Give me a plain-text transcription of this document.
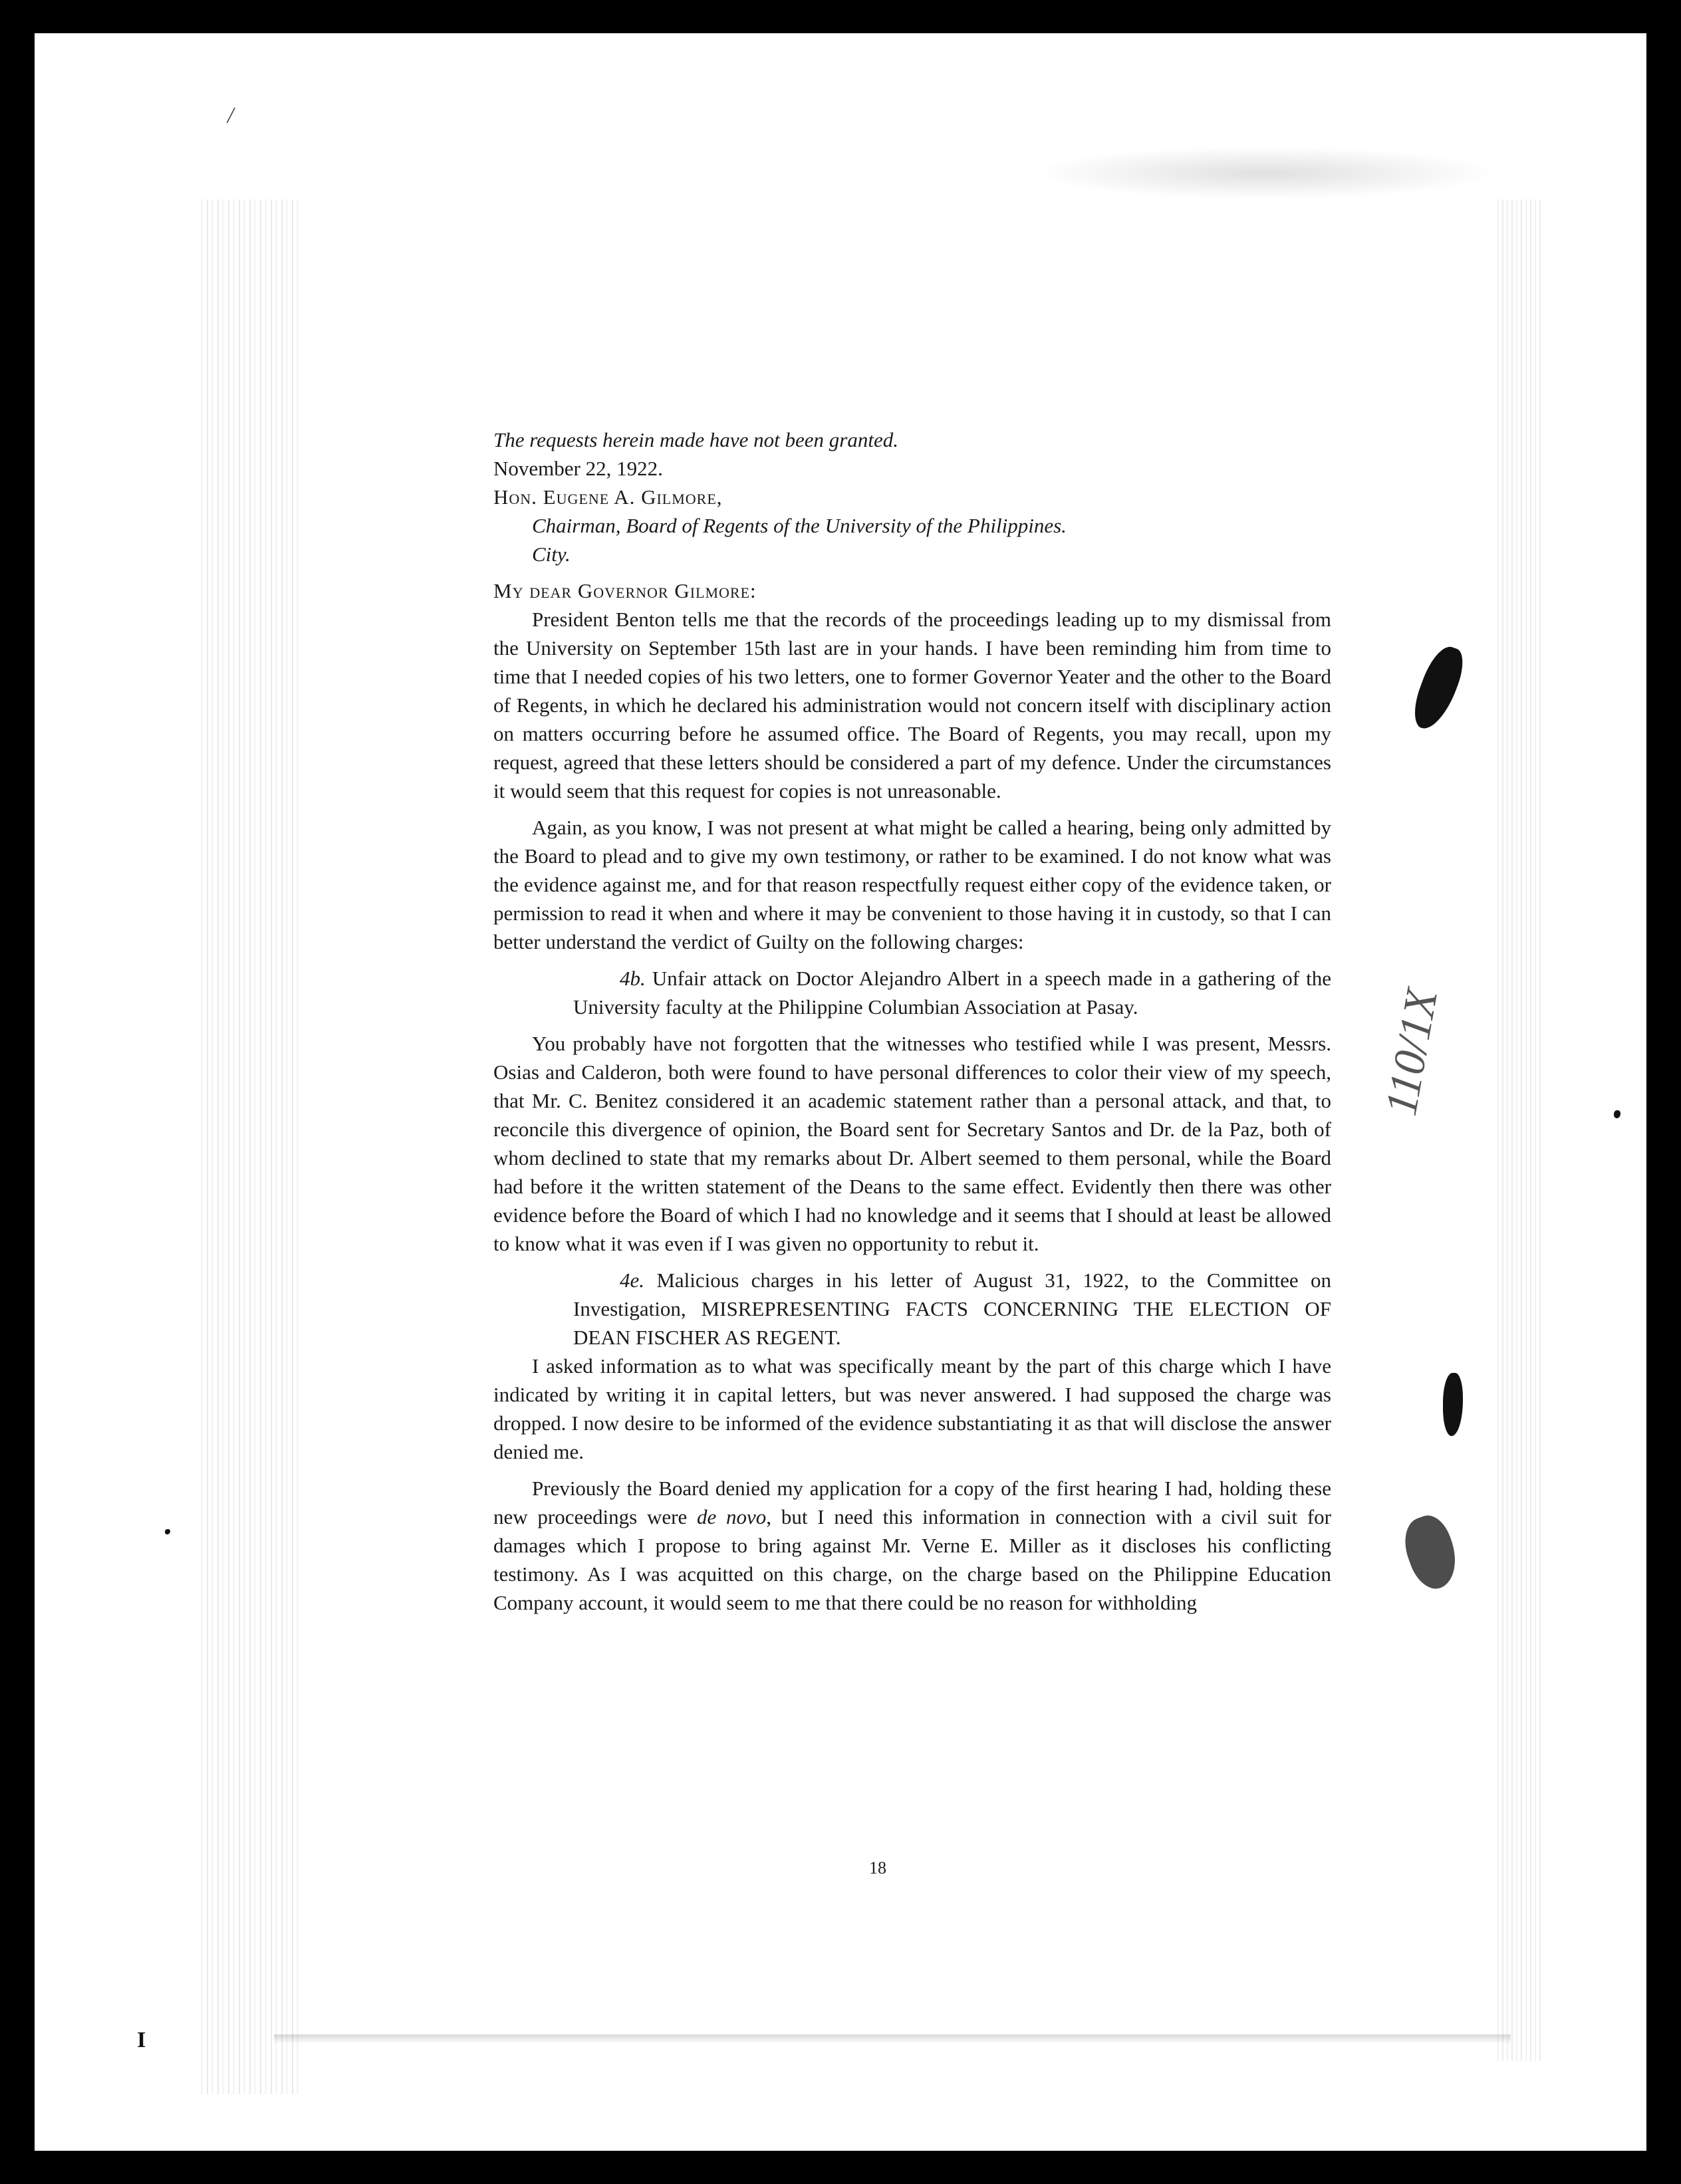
/
I
110/1X

The requests herein made have not been granted.

November 22, 1922.

Hon. Eugene A. Gilmore,

Chairman, Board of Regents of the University of the Philippines.

City.

My dear Governor Gilmore:

President Benton tells me that the records of the proceedings leading up to my dismissal from the University on September 15th last are in your hands. I have been reminding him from time to time that I needed copies of his two letters, one to former Governor Yeater and the other to the Board of Regents, in which he declared his administration would not concern itself with disciplinary action on matters occurring before he assumed office. The Board of Regents, you may recall, upon my request, agreed that these letters should be considered a part of my defence. Under the circumstances it would seem that this request for copies is not unreasonable.

Again, as you know, I was not present at what might be called a hearing, being only admitted by the Board to plead and to give my own testimony, or rather to be examined. I do not know what was the evidence against me, and for that reason respectfully request either copy of the evidence taken, or permission to read it when and where it may be convenient to those having it in custody, so that I can better understand the verdict of Guilty on the following charges:

4b. Unfair attack on Doctor Alejandro Albert in a speech made in a gathering of the University faculty at the Philippine Columbian Association at Pasay.

You probably have not forgotten that the witnesses who testified while I was present, Messrs. Osias and Calderon, both were found to have personal differences to color their view of my speech, that Mr. C. Benitez considered it an academic statement rather than a personal attack, and that, to reconcile this divergence of opinion, the Board sent for Secretary Santos and Dr. de la Paz, both of whom declined to state that my remarks about Dr. Albert seemed to them personal, while the Board had before it the written statement of the Deans to the same effect. Evidently then there was other evidence before the Board of which I had no knowledge and it seems that I should at least be allowed to know what it was even if I was given no opportunity to rebut it.

4e. Malicious charges in his letter of August 31, 1922, to the Committee on Investigation, MISREPRESENTING FACTS CONCERNING THE ELECTION OF DEAN FISCHER AS REGENT.

I asked information as to what was specifically meant by the part of this charge which I have indicated by writing it in capital letters, but was never answered. I had supposed the charge was dropped. I now desire to be informed of the evidence substantiating it as that will disclose the answer denied me.

Previously the Board denied my application for a copy of the first hearing I had, holding these new proceedings were de novo, but I need this information in connection with a civil suit for damages which I propose to bring against Mr. Verne E. Miller as it discloses his conflicting testimony. As I was acquitted on this charge, on the charge based on the Philippine Education Company account, it would seem to me that there could be no reason for withholding

18
